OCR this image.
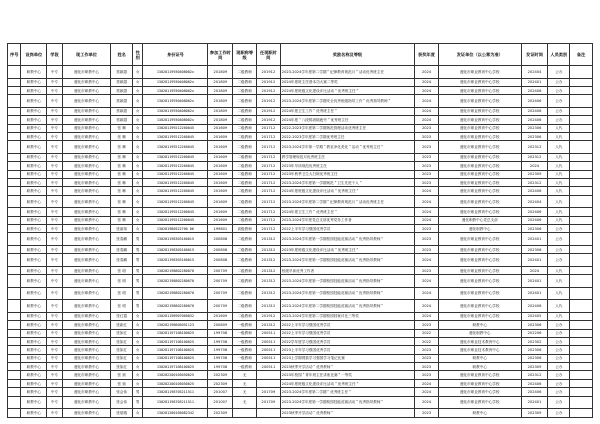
序号	设岗单位	学段	现工作单位	姓名	性别	身份证号	参加工作时间	现职称等级	任现职时间	奖励名称及等级	获奖年度	发证单位（以公章为准）	发证时间	人员类别	备注
	职教中心	中专	遵化市职教中心	蔡颖超	女	13028119930408002x	201809	二级教师	201912	2023-2024学年度第二学期＂纪律教育规范月＂活动优秀班主任	2024	遵化市职业教育中心学校	202404	公办	
	职教中心	中专	遵化市职教中心	蔡颖超	女	13028119930408002x	201809	二级教师	201912	2024年度班主任基本功大赛二等奖	2024	遵化市职业教育中心学校	202401	公办	
	职教中心	中专	遵化市职教中心	蔡颖超	女	13028119930408002x	201809	二级教师	201912	2024年度班级文化建设评比活动＂优秀班主任＂	2024	遵化市职业教育中心学校	202406	公办	
	职教中心	中专	遵化市职教中心	蔡颖超	女	13028119930408002x	201809	二级教师	201912	2023-2024学年度第二学期安全优秀班级指导工作＂优秀指导教师＂	2024	遵化市职业教育中心学校	202406	公办	
	职教中心	中专	遵化市职教中心	蔡颖超	女	13028119930408002x	201809	二级教师	201912	2024年度卫生工作＂优秀班主任＂	2024	遵化市职业教育中心学校	202406	公办	
	职教中心	中专	遵化市职教中心	蔡颖超	女	13028119930408002x	201809	二级教师	201912	2024年度＂八段锦消除疲劳＂优秀班主任	2024	遵化市职业教育中心学校	202406	公办	
	职教中心	中专	遵化市职教中心	张 琳	女	130281199212260045	201609	二级教师	201712	2022-2023学年度第二学期规范管理活动优秀班主任	2023	遵化市职业教育中心学校	202306	人代	
	职教中心	中专	遵化市职教中心	张 琳	女	130281199212260045	201609	二级教师	201712	2022-2023学年度第二学期优秀班主任	2023	遵化市职业教育中心学校	202306	人代	
	职教中心	中专	遵化市职教中心	张 琳	女	130281199212260045	201609	二级教师	201712	2023-2024学年第一学期＂教室净化美化＂活动＂优秀班主任＂	2023	遵化市职业教育中心学校	202312	人代	
	职教中心	中专	遵化市职教中心	张 琳	女	130281199212260045	201609	二级教师	201712	教学管理规范月优秀班主任	2023	遵化市职业教育中心学校	202312	人代	
	职教中心	中专	遵化市职教中心	张 琳	女	130281199212260045	201609	二级教师	201712	2023年早读规范优秀班主任	2023	遵化市职业教育中心学校	2024	人代	
	职教中心	中专	遵化市职教中心	张 琳	女	130281199212260045	201609	二级教师	201712	2023年秋季卫生大扫除优秀班主任	2023	遵化市职业教育中心学校	202309	人代	
	职教中心	中专	遵化市职教中心	张 琳	女	130281199212260045	201609	二级教师	201712	2023-2024学年度第一学期规范＂卫生先进个人＂	2023	遵化市职业教育中心学校	202312	人代	
	职教中心	中专	遵化市职教中心	张 琳	女	130281199212260045	201609	二级教师	201712	2024年度班级文化建设评比活动＂优秀班主任＂	2024	遵化市职业教育中心学校	202406	人代	
	职教中心	中专	遵化市职教中心	张 琳	女	130281199212260045	201609	二级教师	201712	2023-2024学年度第二学期＂纪律教育规范月＂活动优秀班主任	2024	遵化市职业教育中心学校	202404	人代	
	职教中心	中专	遵化市职教中心	张 琳	女	130281199212260045	201609	二级教师	201712	2024年度卫生工作＂优秀班主任＂	2024	遵化市职业教育中心学校	202406	人代	
	职教中心	中专	遵化市职教中心	张 琳	女	130281199212260045	201609	二级教师	201712	2023-2024学年度党总支部优秀党务工作者	2024	遵化职教中心党总支部	202406	人代	
	职教中心	中专	遵化市职教中心	张丽凤	女	130281980522700 06	199801	高级教师	201712	2022上半年学习强国优秀学员	2023	遵化职教中心	202306	公办	
	职教中心	中专	遵化市职教中心	张春鹏	男	130281198303160015	200808	二级教师	201312	2023-2024学年度第一学期校园技能竞赛活动＂优秀指导教师＂	2023	遵化市职业教育中心学校	202401	公办	
	职教中心	中专	遵化市职教中心	张春鹏	男	130281198303160015	200808	二级教师	201312	2023年度班级文化建设评比活动＂优秀班主任＂	2023	遵化市职业教育中心学校	202306	公办	
	职教中心	中专	遵化市职教中心	张春鹏	男	130281198303160015	200808	二级教师	201312	2023-2024学年度第一学期校园技能竞赛活动＂优秀指导教师＂	2024	遵化市职业教育中心学校	202401	公办	
	职教中心	中专	遵化市职教中心	张 明	男	130282198802280070	200709	二级教师	201312	校级早读优秀工作者	2023	遵化市职业教育中心学校	2024	人代	
	职教中心	中专	遵化市职教中心	张 明	男	130282198802280070	200709	二级教师	201312	2023-2024学年度第一学期校园技能竞赛活动＂优秀指导教师＂	2024	遵化市职业教育中心学校	202401	人代	
	职教中心	中专	遵化市职教中心	张 明	男	130282198802280070	200709	二级教师	201312	2023-2024学年度第一学期校园技能竞赛活动＂优秀指导教师＂	2024	遵化市职业教育中心学校	202401	人代	
	职教中心	中专	遵化市职教中心	张 明	男	130282198802280070	200709	二级教师	201312	2023-2024学年度第二学期校园技能竞赛活动＂优秀指导教师＂	2024	遵化市职业教育中心学校	202406	人代	
	职教中心	中专	遵化市职教中心	张红霞	女	130281198907060032	201609	二级教师	201912	2023-2024学年度第二学期校园档案评比三等奖	2024	遵化市职业教育中心学校	202405	人代	
	职教中心	中专	遵化市职教中心	张新红	女	130282198605091123	200809	一级教师	201312	2022上半年学习强国优秀学员	2023	职教中心	202306	公办	
	职教中心	中专	遵化市职教中心	张如红	女	130281197108100025	199708	一级教师	200511	2022上半年学习强国优秀学员	2022	遵化职教中心	202206	公办	
	职教中心	中专	遵化市职教中心	张如红	女	130281197108100025	199708	一级教师	200511	2022学年度学习强国优秀学员	2022	遵化市职业技术教育中心	202302	公办	
	职教中心	中专	遵化市职教中心	张如红	女	130281197108100025	199708	一级教师	200511	2023上半年学习强国优秀学员	2023	遵化市职业技术教育中心	202306	公办	
	职教中心	中专	遵化市职教中心	张如红	女	130281197108100025	199708	一级教师	200511	2023上学期观看学习强国学习笔记比赛	2023	职教中心	202306	公办	
	职教中心	中专	遵化市职教中心	张如红	女	130281197108100025	199708	一级教师	200511	2023秋季开学活动＂优秀教师＂	2023	职教中心	202309	公办	
	职教中心	中专	遵化市职教中心	张 琼	女	130282200105050025	202309	无		2023年校园＂青年班主任讲座比赛＂一等奖	2023	遵化市职业教育中心学校	202312	公办	
	职教中心	中专	遵化市职教中心	张 琼	女	130282200105050025	202309	无		2024年度班级文化建设评比活动＂优秀班主任＂	2024	遵化市职业教育中心学校	202406	公办	
	职教中心	中专	遵化市职教中心	张会伟	男	130281198705211511	201007	无	201709	2023-2024学年度第二学期＂优秀班主任＂	2024	遵化市职业教育中心学校	202406	公办	
	职教中心	中专	遵化市职教中心	张会伟	男	130281198705211511	201007	无	201709	2023-2024学年度第一学期校园技能竞赛活动＂优秀指导教师＂	2024	遵化市职业教育中心学校	202401	公办	
	职教中心	中专	遵化市职教中心	张瑞瑞	女	130281200105082342	202309			2023秋季开学活动＂优秀教师＂	2023	职教中心	202309	公办	
